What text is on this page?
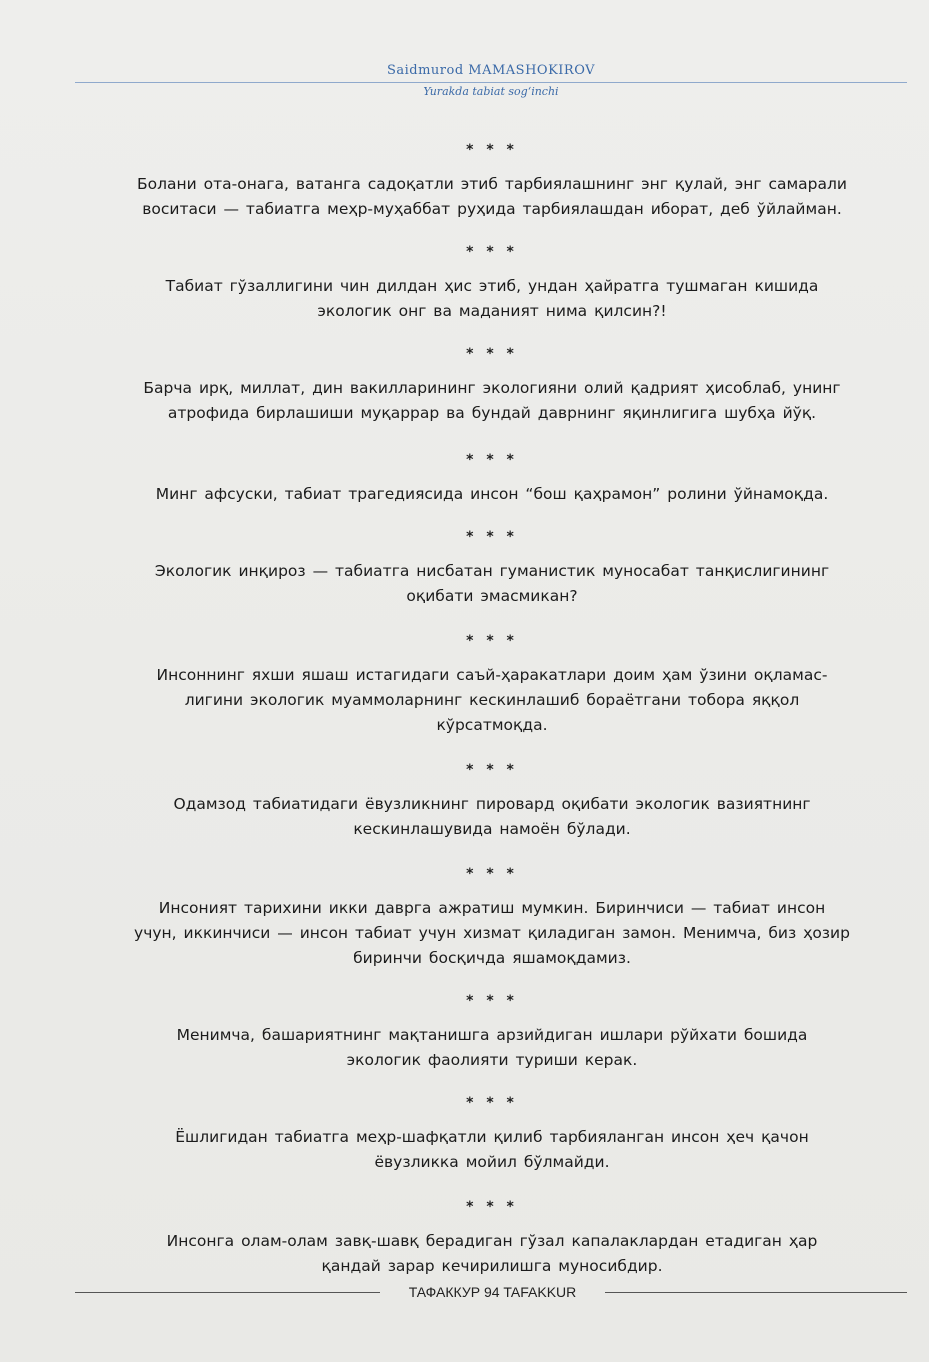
Saidmurod MAMASHOKIROV
Yurakda tabiat sog‘inchi
* * *
Болани ота-онага, ватанга садоқатли этиб тарбиялашнинг энг қулай, энг самарали
воситаси — табиатга меҳр-муҳаббат руҳида тарбиялашдан иборат, деб ўйлайман.
* * *
Табиат гўзаллигини чин дилдан ҳис этиб, ундан ҳайратга тушмаган кишида
экологик онг ва маданият нима қилсин?!
* * *
Барча ирқ, миллат, дин вакилларининг экологияни олий қадрият ҳисоблаб, унинг
атрофида бирлашиши муқаррар ва бундай даврнинг яқинлигига шубҳа йўқ.
* * *
Минг афсуски, табиат трагедиясида инсон “бош қаҳрамон” ролини ўйнамоқда.
* * *
Экологик инқироз — табиатга нисбатан гуманистик муносабат танқислигининг
оқибати эмасмикан?
* * *
Инсоннинг яхши яшаш истагидаги саъй-ҳаракатлари доим ҳам ўзини оқламас-
лигини экологик муаммоларнинг кескинлашиб бораётгани тобора яққол
кўрсатмоқда.
* * *
Одамзод табиатидаги ёвузликнинг пировард оқибати экологик вазиятнинг
кескинлашувида намоён бўлади.
* * *
Инсоният тарихини икки даврга ажратиш мумкин. Биринчиси — табиат инсон
учун, иккинчиси — инсон табиат учун хизмат қиладиган замон. Менимча, биз ҳозир
биринчи босқичда яшамоқдамиз.
* * *
Менимча, башариятнинг мақтанишга арзийдиган ишлари рўйхати бошида
экологик фаолияти туриши керак.
* * *
Ёшлигидан табиатга меҳр-шафқатли қилиб тарбияланган инсон ҳеч қачон
ёвузликка мойил бўлмайди.
* * *
Инсонга олам-олам завқ-шавқ берадиган гўзал капалаклардан етадиган ҳар
қандай зарар кечирилишга муносибдир.
ТАФАККУР 94 TAFAKKUR
